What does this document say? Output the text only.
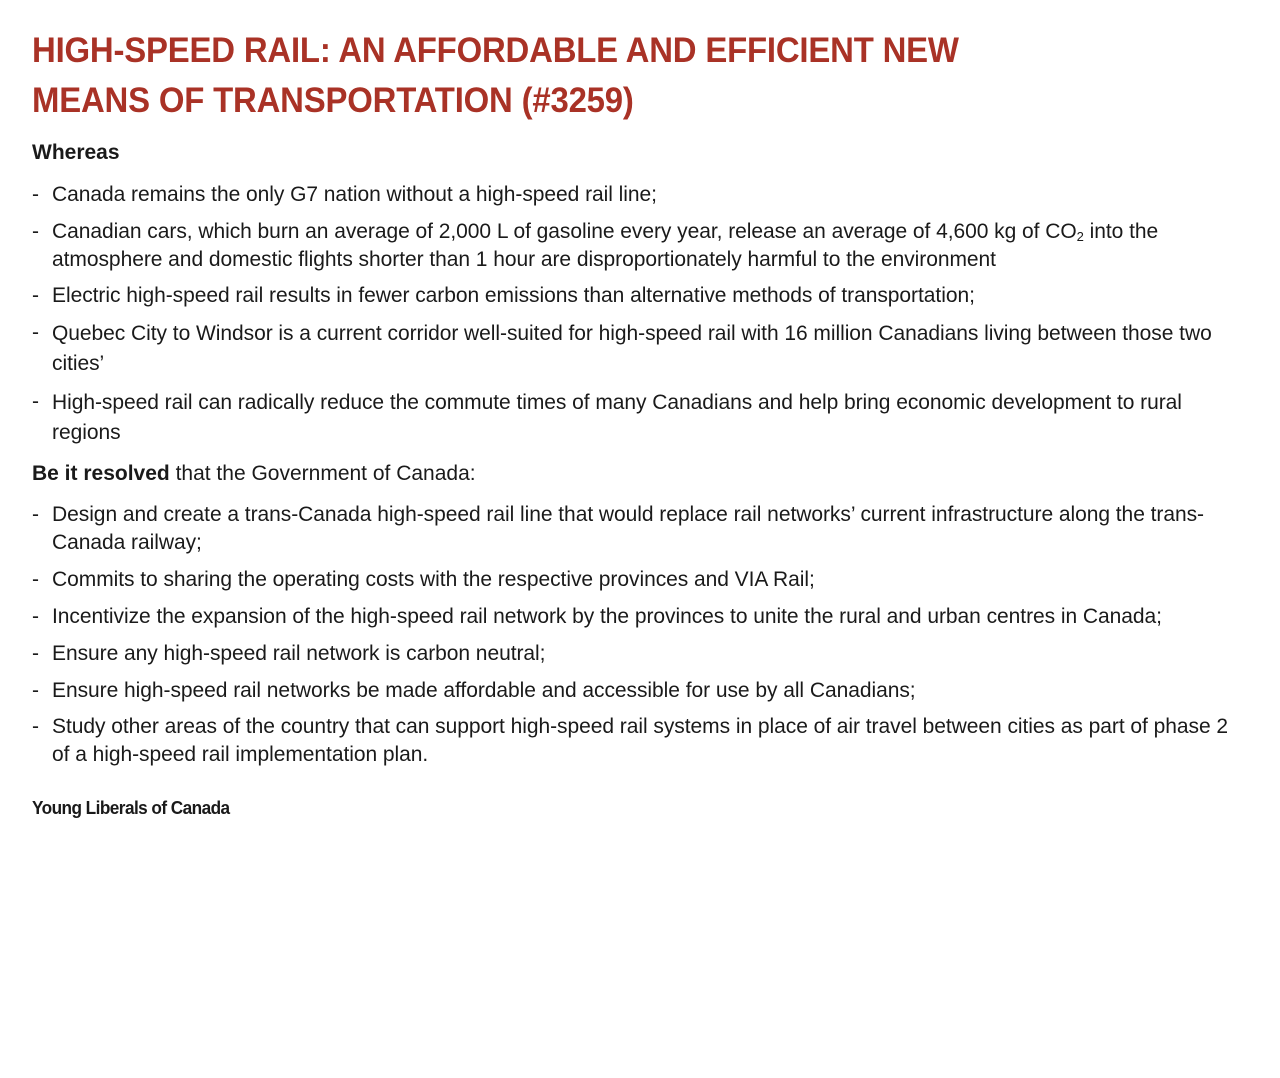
HIGH-SPEED RAIL: AN AFFORDABLE AND EFFICIENT NEW MEANS OF TRANSPORTATION (#3259)
Whereas
- Canada remains the only G7 nation without a high-speed rail line;
- Canadian cars, which burn an average of 2,000 L of gasoline every year, release an average of 4,600 kg of $CO_2$ into the atmosphere and domestic flights shorter than 1 hour are disproportionately harmful to the environment
- Electric high-speed rail results in fewer carbon emissions than alternative methods of transportation;
- Quebec City to Windsor is a current corridor well-suited for high-speed rail with 16 million Canadians living between those two cities’
- High-speed rail can radically reduce the commute times of many Canadians and help bring economic development to rural regions
Be it resolved that the Government of Canada:
- Design and create a trans-Canada high-speed rail line that would replace rail networks’ current infrastructure along the trans-Canada railway;
- Commits to sharing the operating costs with the respective provinces and VIA Rail;
- Incentivize the expansion of the high-speed rail network by the provinces to unite the rural and urban centres in Canada;
- Ensure any high-speed rail network is carbon neutral;
- Ensure high-speed rail networks be made affordable and accessible for use by all Canadians;
- Study other areas of the country that can support high-speed rail systems in place of air travel between cities as part of phase 2 of a high-speed rail implementation plan.
Young Liberals of Canada
